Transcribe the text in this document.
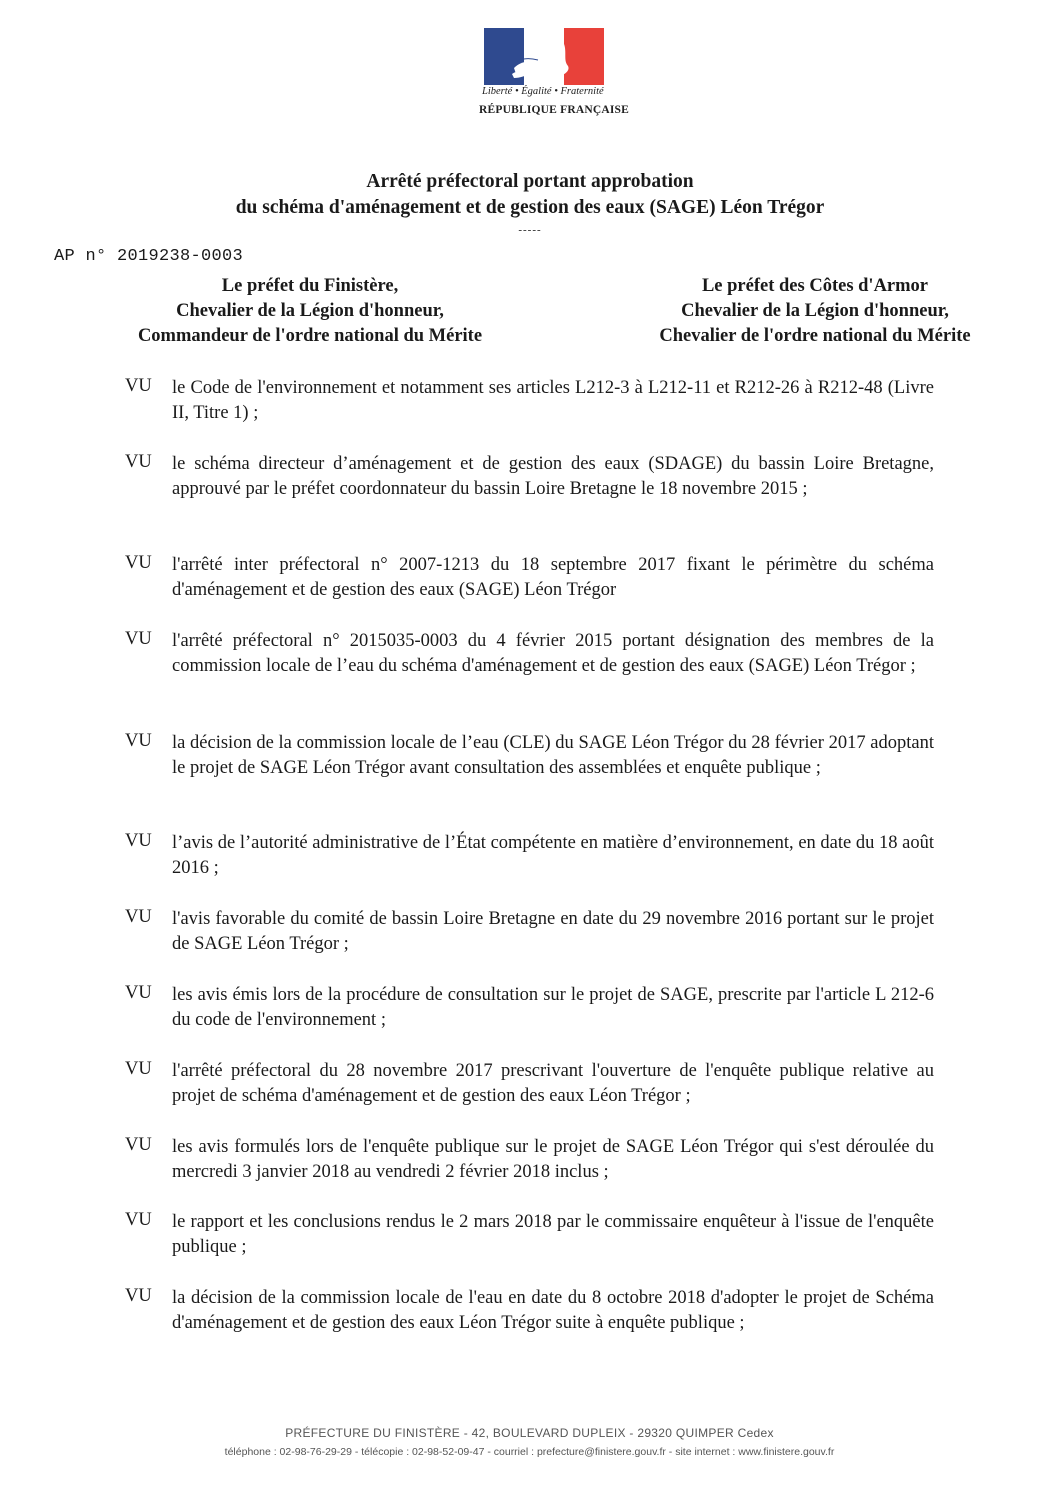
Liberté • Égalité • Fraternité
RÉPUBLIQUE FRANÇAISE
Arrêté préfectoral portant approbation
du schéma d'aménagement et de gestion des eaux (SAGE) Léon Trégor
-----
AP n° 2019238-0003
Le préfet du Finistère,
Chevalier de la Légion d'honneur,
Commandeur de l'ordre national du Mérite
Le préfet des Côtes d'Armor
Chevalier de la Légion d'honneur,
Chevalier de l'ordre national du Mérite
VU le Code de l'environnement et notamment ses articles L212-3 à L212-11 et R212-26 à R212-48 (Livre II, Titre 1) ;
VU le schéma directeur d’aménagement et de gestion des eaux (SDAGE) du bassin Loire Bretagne, approuvé par le préfet coordonnateur du bassin Loire Bretagne le 18 novembre 2015 ;
VU l'arrêté inter préfectoral n° 2007-1213 du 18 septembre 2017 fixant le périmètre du schéma d'aménagement et de gestion des eaux (SAGE) Léon Trégor
VU l'arrêté préfectoral n° 2015035-0003 du 4 février 2015 portant désignation des membres de la commission locale de l’eau du schéma d'aménagement et de gestion des eaux (SAGE) Léon Trégor ;
VU la décision de la commission locale de l’eau (CLE) du SAGE Léon Trégor du 28 février 2017 adoptant le projet de SAGE Léon Trégor avant consultation des assemblées et enquête publique ;
VU l’avis de l’autorité administrative de l’État compétente en matière d’environnement, en date du 18 août 2016 ;
VU l'avis favorable du comité de bassin Loire Bretagne en date du 29 novembre 2016 portant sur le projet de SAGE Léon Trégor ;
VU les avis émis lors de la procédure de consultation sur le projet de SAGE, prescrite par l'article L 212-6 du code de l'environnement ;
VU l'arrêté préfectoral du 28 novembre 2017 prescrivant l'ouverture de l'enquête publique relative au projet de schéma d'aménagement et de gestion des eaux Léon Trégor ;
VU les avis formulés lors de l'enquête publique sur le projet de SAGE Léon Trégor qui s'est déroulée du mercredi 3 janvier 2018 au vendredi 2 février 2018 inclus ;
VU le rapport et les conclusions rendus le 2 mars 2018 par le commissaire enquêteur à l'issue de l'enquête publique ;
VU la décision de la commission locale de l'eau en date du 8 octobre 2018 d'adopter le projet de Schéma d'aménagement et de gestion des eaux Léon Trégor suite à enquête publique ;
PRÉFECTURE DU FINISTÈRE - 42, BOULEVARD DUPLEIX - 29320 QUIMPER Cedex
téléphone : 02-98-76-29-29 - télécopie : 02-98-52-09-47 - courriel : prefecture@finistere.gouv.fr - site internet : www.finistere.gouv.fr
